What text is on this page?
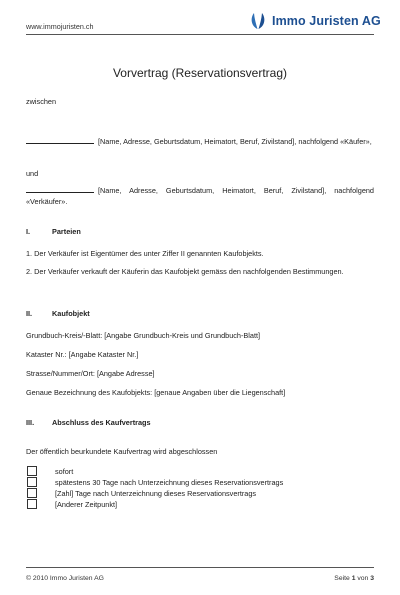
www.immojuristen.ch	Immo Juristen AG
Vorvertrag (Reservationsvertrag)
zwischen
[Name, Adresse, Geburtsdatum, Heimatort, Beruf, Zivilstand], nachfolgend «Käufer»,
und
[Name, Adresse, Geburtsdatum, Heimatort, Beruf, Zivilstand], nachfolgend «Verkäufer».
I.	Parteien
1. Der Verkäufer ist Eigentümer des unter Ziffer II genannten Kaufobjekts.
2. Der Verkäufer verkauft der Käuferin das Kaufobjekt gemäss den nachfolgenden Bestimmungen.
II.	Kaufobjekt
Grundbuch-Kreis/-Blatt: [Angabe Grundbuch-Kreis und Grundbuch-Blatt]
Kataster Nr.: [Angabe Kataster Nr.]
Strasse/Nummer/Ort: [Angabe Adresse]
Genaue Bezeichnung des Kaufobjekts: [genaue Angaben über die Liegenschaft]
III. Abschluss des Kaufvertrags
Der öffentlich beurkundete Kaufvertrag wird abgeschlossen
sofort
spätestens 30 Tage nach Unterzeichnung dieses Reservationsvertrags
[Zahl] Tage nach Unterzeichnung dieses Reservationsvertrags
[Anderer Zeitpunkt]
© 2010 Immo Juristen AG	Seite 1 von 3
